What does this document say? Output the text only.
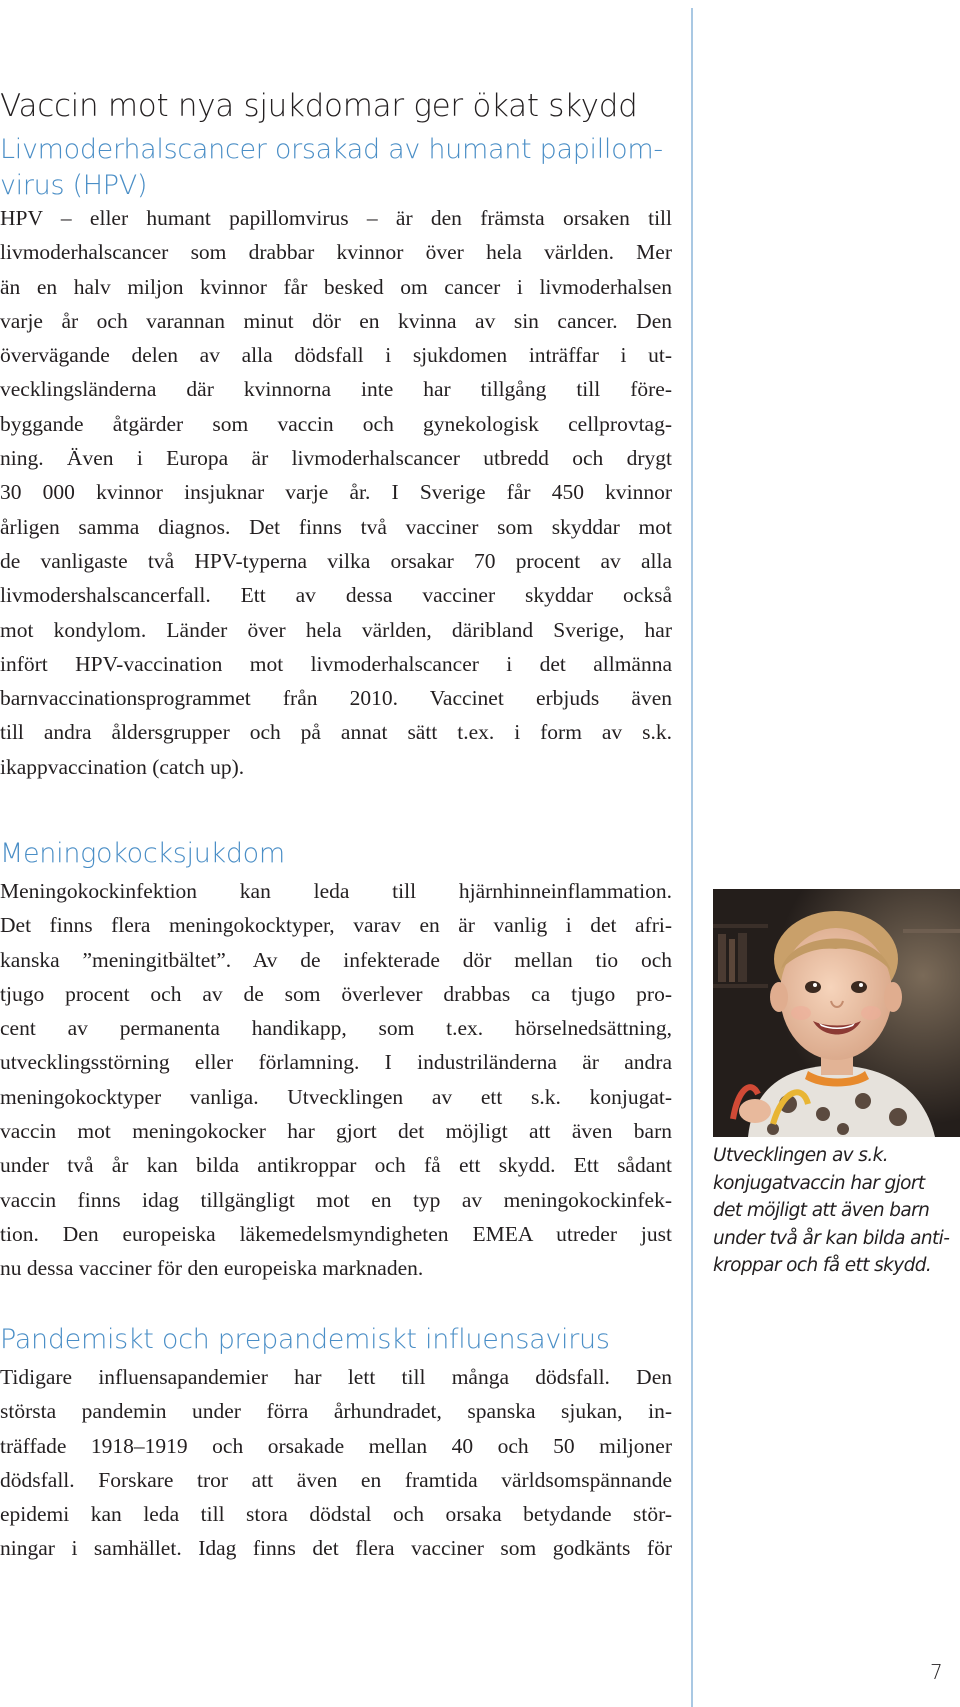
Vaccin mot nya sjukdomar ger ökat skydd
Livmoderhalscancer orsakad av humant papillom-
virus (HPV)
HPV – eller humant papillomvirus – är den främsta orsaken till
livmoderhalscancer som drabbar kvinnor över hela världen. Mer
än en halv miljon kvinnor får besked om cancer i livmoderhalsen
varje år och varannan minut dör en kvinna av sin cancer. Den
övervägande delen av alla dödsfall i sjukdomen inträffar i ut-
vecklingsländerna där kvinnorna inte har tillgång till före-
byggande åtgärder som vaccin och gynekologisk cellprovtag-
ning. Även i Europa är livmoderhalscancer utbredd och drygt
30 000 kvinnor insjuknar varje år. I Sverige får 450 kvinnor
årligen samma diagnos. Det finns två vacciner som skyddar mot
de vanligaste två HPV-typerna vilka orsakar 70 procent av alla
livmodershalscancerfall. Ett av dessa vacciner skyddar också
mot kondylom. Länder över hela världen, däribland Sverige, har
infört HPV-vaccination mot livmoderhalscancer i det allmänna
barnvaccinationsprogrammet från 2010. Vaccinet erbjuds även
till andra åldersgrupper och på annat sätt t.ex. i form av s.k.
ikappvaccination (catch up).
Meningokocksjukdom
Meningokockinfektion kan leda till hjärnhinneinflammation.
Det finns flera meningokocktyper, varav en är vanlig i det afri-
kanska ”meningitbältet”. Av de infekterade dör mellan tio och
tjugo procent och av de som överlever drabbas ca tjugo pro-
cent av permanenta handikapp, som t.ex. hörselnedsättning,
utvecklingsstörning eller förlamning. I industriländerna är andra
meningokocktyper vanliga. Utvecklingen av ett s.k. konjugat-
vaccin mot meningokocker har gjort det möjligt att även barn
under två år kan bilda antikroppar och få ett skydd. Ett sådant
vaccin finns idag tillgängligt mot en typ av meningokockinfek-
tion. Den europeiska läkemedelsmyndigheten EMEA utreder just
nu dessa vacciner för den europeiska marknaden.
Pandemiskt och prepandemiskt influensavirus
Tidigare influensapandemier har lett till många dödsfall. Den
största pandemin under förra århundradet, spanska sjukan, in-
träffade 1918–1919 och orsakade mellan 40 och 50 miljoner
dödsfall. Forskare tror att även en framtida världsomspännande
epidemi kan leda till stora dödstal och orsaka betydande stör-
ningar i samhället. Idag finns det flera vacciner som godkänts för

Utvecklingen av s.k.
konjugatvaccin har gjort
det möjligt att även barn
under två år kan bilda anti-
kroppar och få ett skydd.

7
